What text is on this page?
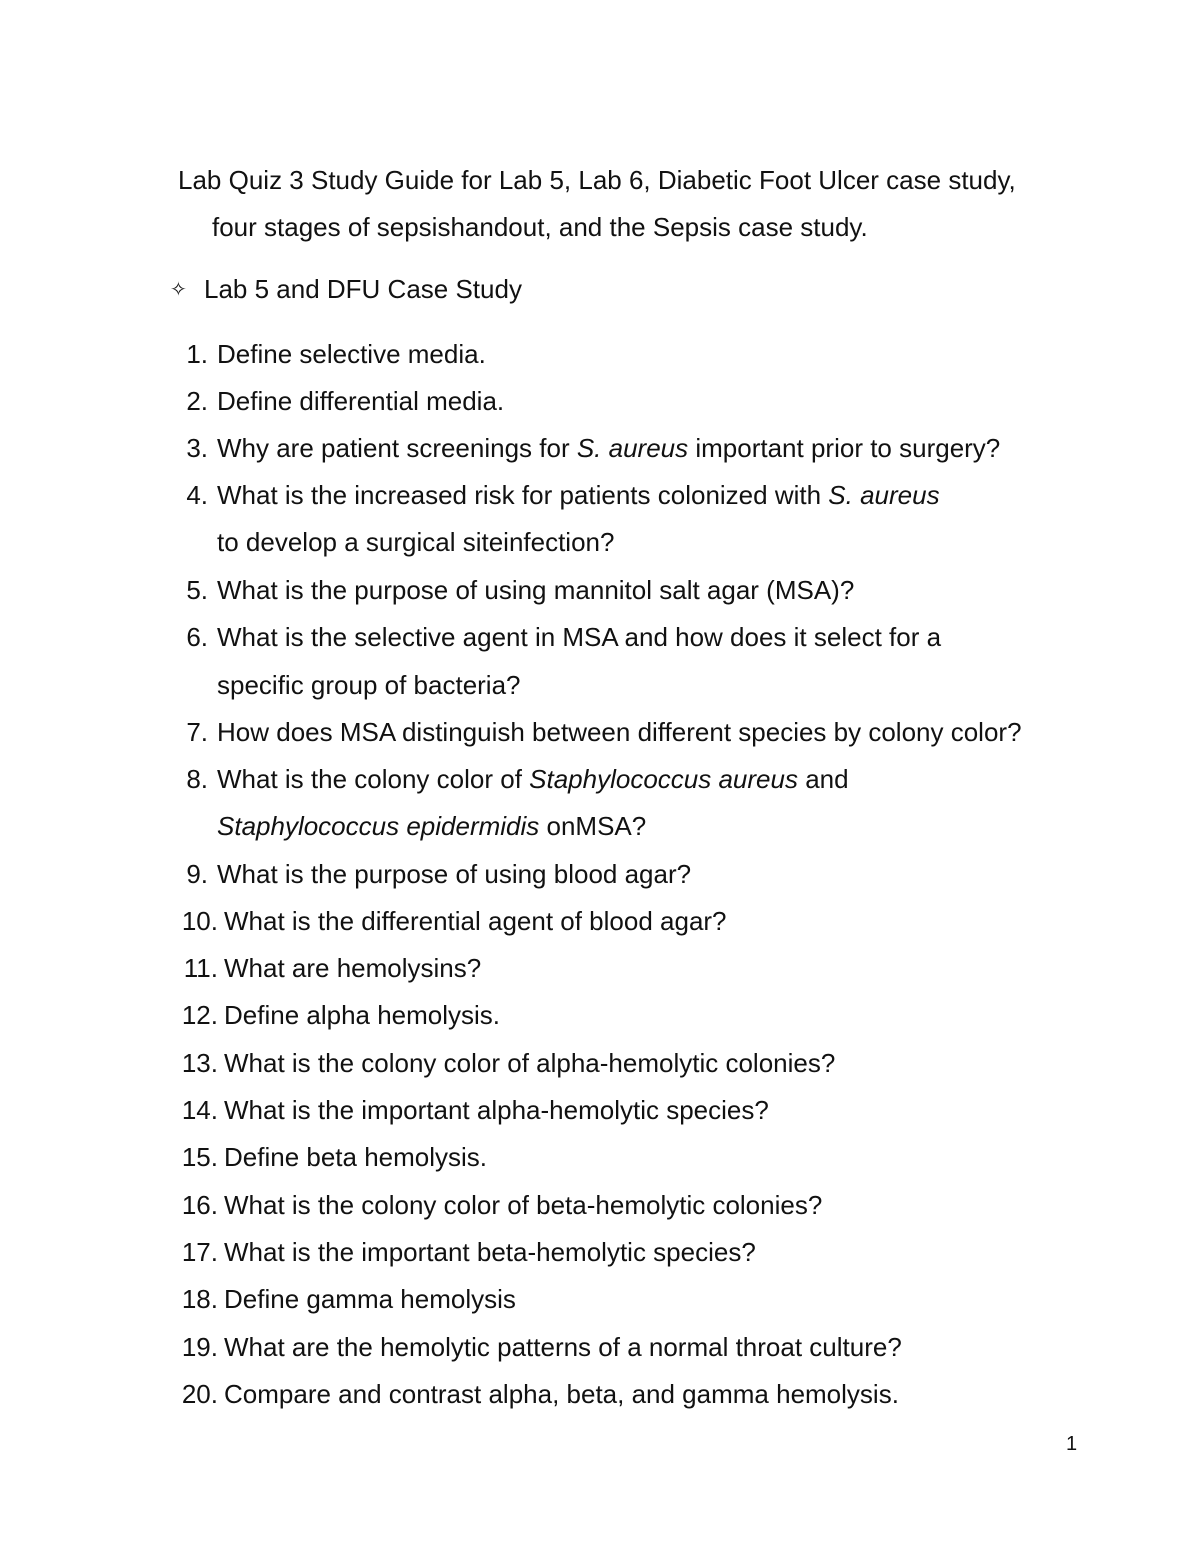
Lab Quiz 3 Study Guide for Lab 5, Lab 6, Diabetic Foot Ulcer case study,
four stages of sepsishandout, and the Sepsis case study.
✧ Lab 5 and DFU Case Study
1. Define selective media.
2. Define differential media.
3. Why are patient screenings for S. aureus important prior to surgery?
4. What is the increased risk for patients colonized with S. aureus
to develop a surgical siteinfection?
5. What is the purpose of using mannitol salt agar (MSA)?
6. What is the selective agent in MSA and how does it select for a
specific group of bacteria?
7. How does MSA distinguish between different species by colony color?
8. What is the colony color of Staphylococcus aureus and
Staphylococcus epidermidis onMSA?
9. What is the purpose of using blood agar?
10. What is the differential agent of blood agar?
11. What are hemolysins?
12. Define alpha hemolysis.
13. What is the colony color of alpha-hemolytic colonies?
14. What is the important alpha-hemolytic species?
15. Define beta hemolysis.
16. What is the colony color of beta-hemolytic colonies?
17. What is the important beta-hemolytic species?
18. Define gamma hemolysis
19. What are the hemolytic patterns of a normal throat culture?
20. Compare and contrast alpha, beta, and gamma hemolysis.
1
